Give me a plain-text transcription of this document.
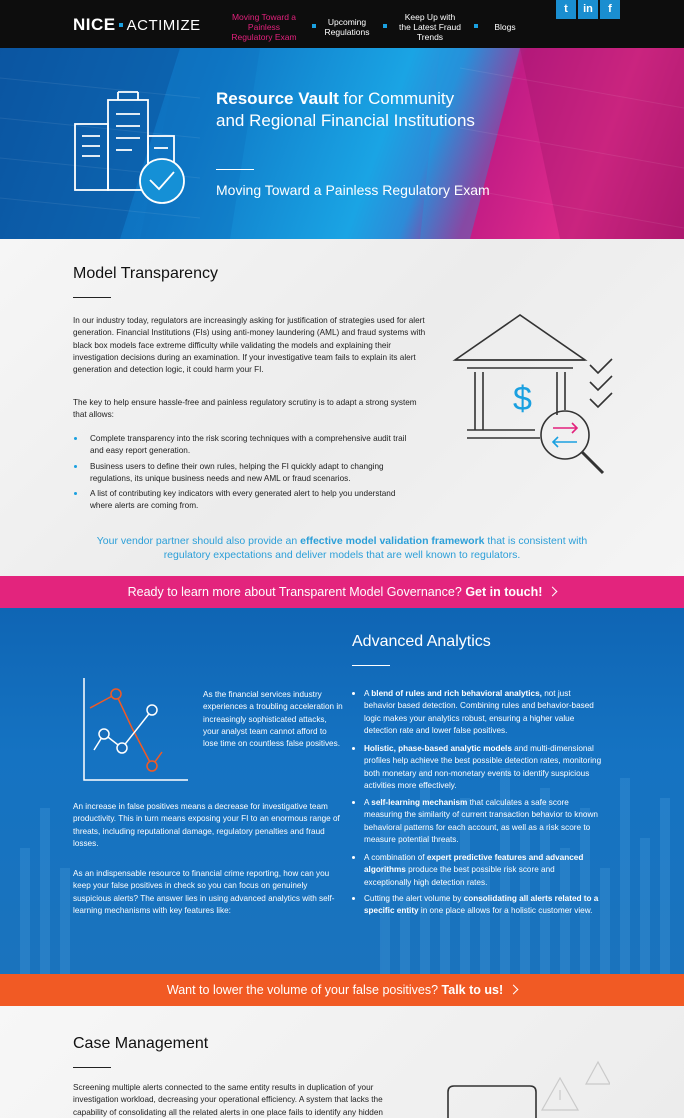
NICE ACTIMIZE	Moving Toward a Painless Regulatory Exam
Upcoming Regulations
Keep Up with the Latest Fraud Trends
Blogs
t	in	f
Resource Vault for Community and Regional Financial Institutions
Moving Toward a Painless Regulatory Exam
Model Transparency
In our industry today, regulators are increasingly asking for justification of strategies used for alert generation. Financial Institutions (FIs) using anti-money laundering (AML) and fraud systems with black box models face extreme difficulty while validating the models and explaining their investigation decisions during an examination. If your investigative team fails to explain its alert generation and detection logic, it could harm your FI.
The key to help ensure hassle-free and painless regulatory scrutiny is to adapt a strong system that allows:
Complete transparency into the risk scoring techniques with a comprehensive audit trail and easy report generation.
Business users to define their own rules, helping the FI quickly adapt to changing regulations, its unique business needs and new AML or fraud scenarios.
A list of contributing key indicators with every generated alert to help you understand where alerts are coming from.
$
Your vendor partner should also provide an effective model validation framework that is consistent with regulatory expectations and deliver models that are well known to regulators.
Ready to learn more about Transparent Model Governance? Get in touch!
Advanced Analytics
As the financial services industry experiences a troubling acceleration in increasingly sophisticated attacks, your analyst team cannot afford to lose time on countless false positives.
An increase in false positives means a decrease for investigative team productivity. This in turn means exposing your FI to an enormous range of threats, including reputational damage, regulatory penalties and fraud losses.
As an indispensable resource to financial crime reporting, how can you keep your false positives in check so you can focus on genuinely suspicious alerts? The answer lies in using advanced analytics with self-learning mechanisms with key features like:
A blend of rules and rich behavioral analytics, not just behavior based detection. Combining rules and behavior-based logic makes your analytics robust, ensuring a higher value detection rate and lower false positives.
Holistic, phase-based analytic models and multi-dimensional profiles help achieve the best possible detection rates, monitoring both monetary and non-monetary events to identify suspicious activities more effectively.
A self-learning mechanism that calculates a safe score measuring the similarity of current transaction behavior to known behavioral patterns for each account, as well as a risk score to measure potential threats.
A combination of expert predictive features and advanced algorithms produce the best possible risk score and exceptionally high detection rates.
Cutting the alert volume by consolidating all alerts related to a specific entity in one place allows for a holistic customer view.
Want to lower the volume of your false positives? Talk to us!
Case Management
Screening multiple alerts connected to the same entity results in duplication of your investigation workload, decreasing your operational efficiency. A system that lacks the capability of consolidating all the related alerts in one place fails to identify any hidden
